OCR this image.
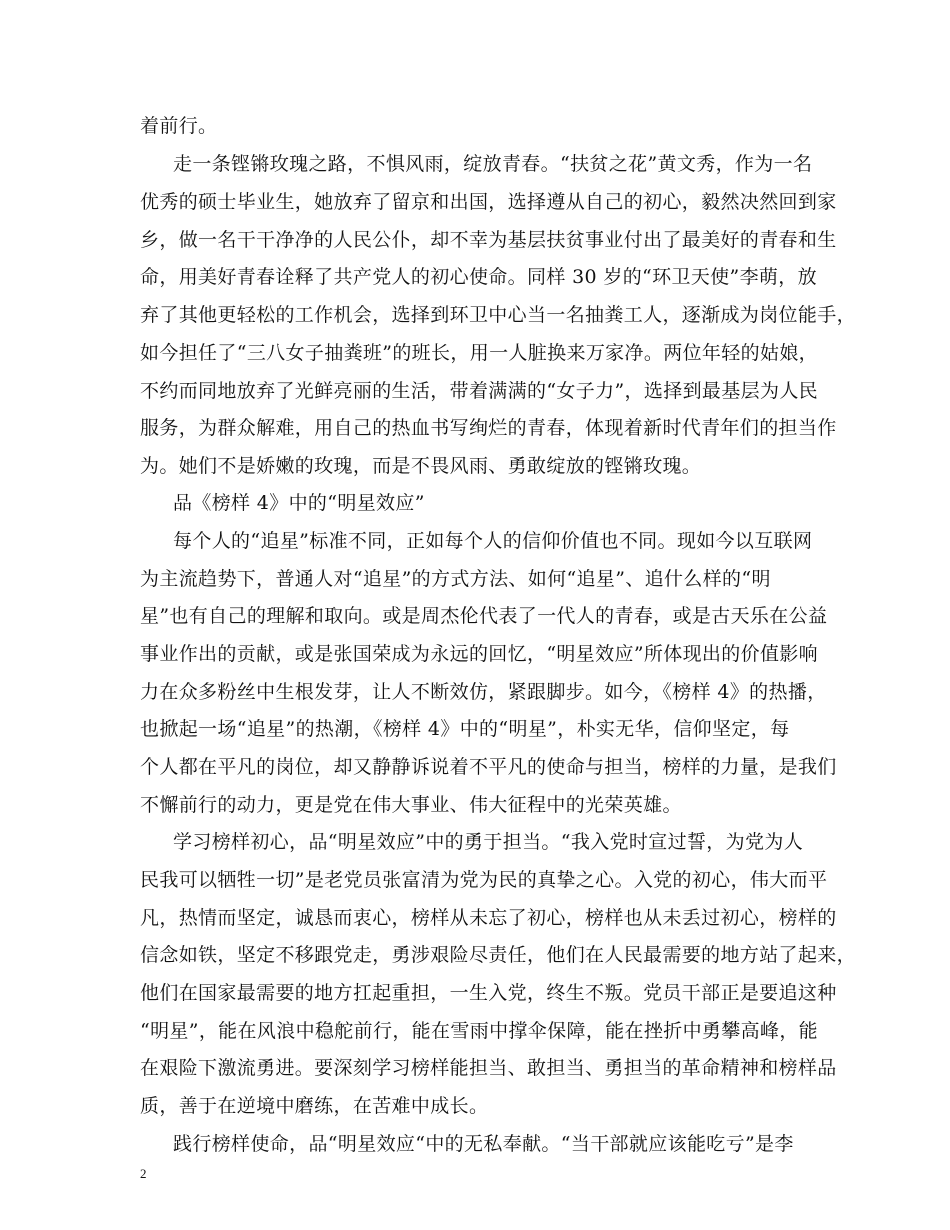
着前行。
走一条铿锵玫瑰之路，不惧风雨，绽放青春。“扶贫之花”黄文秀，作为一名
优秀的硕士毕业生，她放弃了留京和出国，选择遵从自己的初心，毅然决然回到家
乡，做一名干干净净的人民公仆，却不幸为基层扶贫事业付出了最美好的青春和生
命，用美好青春诠释了共产党人的初心使命。同样 30 岁的“环卫天使”李萌，放
弃了其他更轻松的工作机会，选择到环卫中心当一名抽粪工人，逐渐成为岗位能手，
如今担任了“三八女子抽粪班”的班长，用一人脏换来万家净。两位年轻的姑娘，
不约而同地放弃了光鲜亮丽的生活，带着满满的“女子力”，选择到最基层为人民
服务，为群众解难，用自己的热血书写绚烂的青春，体现着新时代青年们的担当作
为。她们不是娇嫩的玫瑰，而是不畏风雨、勇敢绽放的铿锵玫瑰。
品《榜样 4》中的“明星效应”
每个人的“追星”标准不同，正如每个人的信仰价值也不同。现如今以互联网
为主流趋势下，普通人对“追星”的方式方法、如何“追星”、追什么样的“明
星”也有自己的理解和取向。或是周杰伦代表了一代人的青春，或是古天乐在公益
事业作出的贡献，或是张国荣成为永远的回忆，“明星效应”所体现出的价值影响
力在众多粉丝中生根发芽，让人不断效仿，紧跟脚步。如今，《榜样 4》的热播，
也掀起一场“追星”的热潮，《榜样 4》中的“明星”，朴实无华，信仰坚定，每
个人都在平凡的岗位，却又静静诉说着不平凡的使命与担当，榜样的力量，是我们
不懈前行的动力，更是党在伟大事业、伟大征程中的光荣英雄。
学习榜样初心，品“明星效应”中的勇于担当。“我入党时宣过誓，为党为人
民我可以牺牲一切”是老党员张富清为党为民的真挚之心。入党的初心，伟大而平
凡，热情而坚定，诚恳而衷心，榜样从未忘了初心，榜样也从未丢过初心，榜样的
信念如铁，坚定不移跟党走，勇涉艰险尽责任，他们在人民最需要的地方站了起来，
他们在国家最需要的地方扛起重担，一生入党，终生不叛。党员干部正是要追这种
“明星”，能在风浪中稳舵前行，能在雪雨中撑伞保障，能在挫折中勇攀高峰，能
在艰险下激流勇进。要深刻学习榜样能担当、敢担当、勇担当的革命精神和榜样品
质，善于在逆境中磨练，在苦难中成长。
践行榜样使命，品“明星效应“中的无私奉献。“当干部就应该能吃亏”是李
2
